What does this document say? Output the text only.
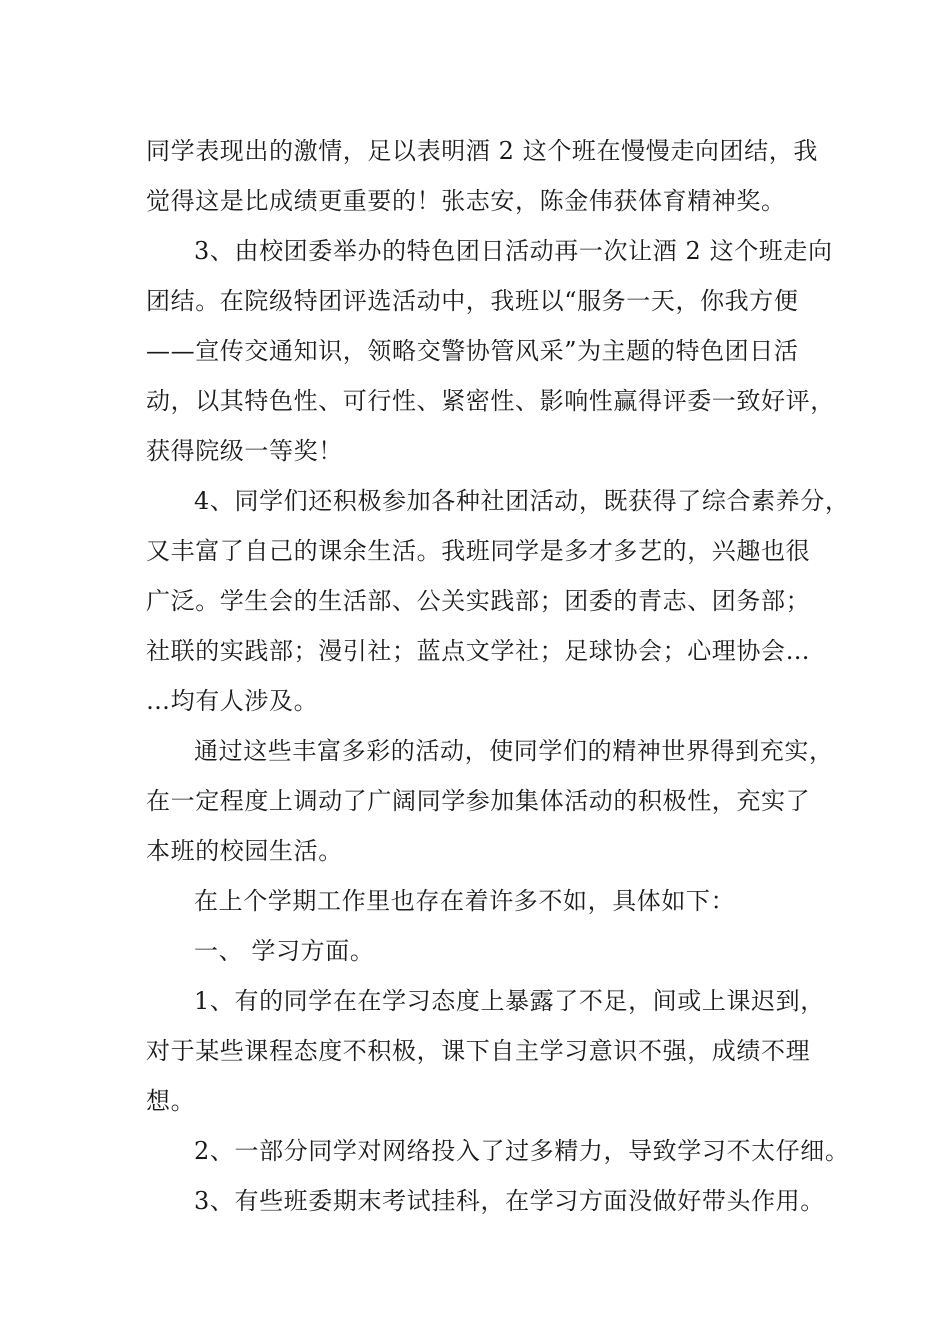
同学表现出的激情，足以表明酒 2 这个班在慢慢走向团结，我
觉得这是比成绩更重要的！张志安，陈金伟获体育精神奖。
3、由校团委举办的特色团日活动再一次让酒 2 这个班走向
团结。在院级特团评选活动中，我班以“服务一天，你我方便
——宣传交通知识，领略交警协管风采”为主题的特色团日活
动，以其特色性、可行性、紧密性、影响性赢得评委一致好评，
获得院级一等奖！
4、同学们还积极参加各种社团活动，既获得了综合素养分，
又丰富了自己的课余生活。我班同学是多才多艺的，兴趣也很
广泛。学生会的生活部、公关实践部；团委的青志、团务部；
社联的实践部；漫引社；蓝点文学社；足球协会；心理协会…
…均有人涉及。
通过这些丰富多彩的活动，使同学们的精神世界得到充实，
在一定程度上调动了广阔同学参加集体活动的积极性，充实了
本班的校园生活。
在上个学期工作里也存在着许多不如，具体如下：
一、 学习方面。
1、有的同学在在学习态度上暴露了不足，间或上课迟到，
对于某些课程态度不积极，课下自主学习意识不强，成绩不理
想。
2、一部分同学对网络投入了过多精力，导致学习不太仔细。
3、有些班委期末考试挂科，在学习方面没做好带头作用。
